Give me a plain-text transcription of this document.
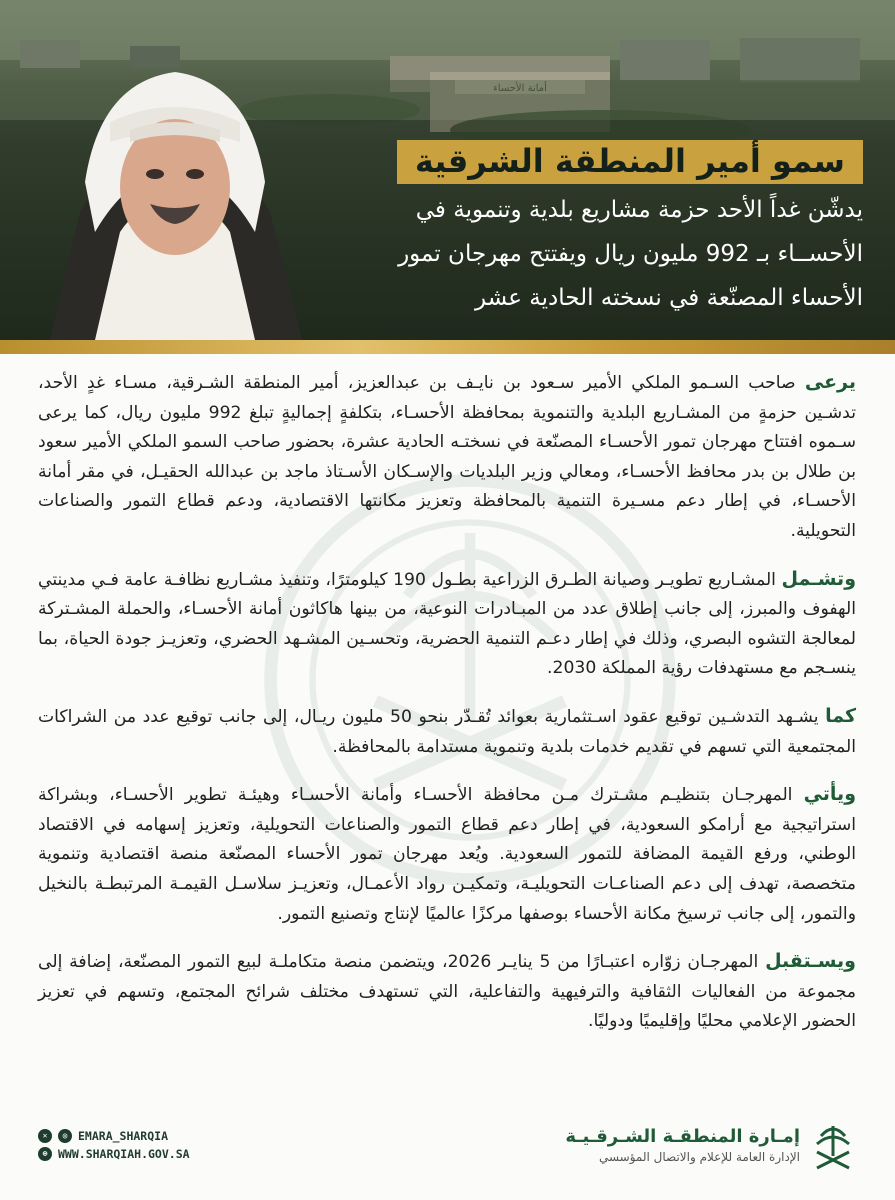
سمو أمير المنطقة الشرقية
يدشّن غداً الأحد حزمة مشاريع بلدية وتنموية في
الأحســاء بـ 992 مليون ريال ويفتتح مهرجان تمور
الأحساء المصنّعة في نسخته الحادية عشر

يرعى صاحب السـمو الملكي الأمير سـعود بن نايـف بن عبدالعزيز، أمير المنطقة الشـرقية، مسـاء غدٍ الأحد، تدشـين حزمةٍ من المشـاريع البلدية والتنموية بمحافظة الأحسـاء، بتكلفةٍ إجماليةٍ تبلغ 992 مليون ريال، كما يرعى سـموه افتتاح مهرجان تمور الأحسـاء المصنّعة في نسختـه الحادية عشرة، بحضور صاحب السمو الملكي الأمير سعود بن طلال بن بدر محافظ الأحسـاء، ومعالي وزير البلديات والإسـكان الأسـتاذ ماجد بن عبدالله الحقيـل، في مقر أمانة الأحسـاء، في إطار دعم مسـيرة التنمية بالمحافظة وتعزيز مكانتها الاقتصادية، ودعم قطاع التمور والصناعات التحويلية.

وتشـمل المشـاريع تطويـر وصيانة الطـرق الزراعية بطـول 190 كيلومترًا، وتنفيذ مشـاريع نظافـة عامة فـي مدينتي الهفوف والمبرز، إلى جانب إطلاق عدد من المبـادرات النوعية، من بينها هاكاثون أمانة الأحسـاء، والحملة المشـتركة لمعالجة التشوه البصري، وذلك في إطار دعـم التنمية الحضرية، وتحسـين المشـهد الحضري، وتعزيـز جودة الحياة، بما ينسـجم مع مستهدفات رؤية المملكة 2030.

كما يشـهد التدشـين توقيع عقود اسـتثمارية بعوائد تُقـدّر بنحو 50 مليون ريـال، إلى جانب توقيع عدد من الشراكات المجتمعية التي تسهم في تقديم خدمات بلدية وتنموية مستدامة بالمحافظة.

ويأتي المهرجـان بتنظيـم مشـترك مـن محافظة الأحسـاء وأمانة الأحسـاء وهيئـة تطوير الأحسـاء، وبشراكة استراتيجية مع أرامكو السعودية، في إطار دعم قطاع التمور والصناعات التحويلية، وتعزيز إسهامه في الاقتصاد الوطني، ورفع القيمة المضافة للتمور السعودية. ويُعد مهرجان تمور الأحساء المصنّعة منصة اقتصادية وتنموية متخصصة، تهدف إلى دعم الصناعـات التحويليـة، وتمكيـن رواد الأعمـال، وتعزيـز سلاسـل القيمـة المرتبطـة بالنخيل والتمور، إلى جانب ترسيخ مكانة الأحساء بوصفها مركزًا عالميًا لإنتاج وتصنيع التمور.

ويسـتقبل المهرجـان زوّاره اعتبـارًا من 5 ينايـر 2026، ويتضمن منصة متكاملـة لبيع التمور المصنّعة، إضافة إلى مجموعة من الفعاليات الثقافية والترفيهية والتفاعلية، التي تستهدف مختلف شرائح المجتمع، وتسهم في تعزيز الحضور الإعلامي محليًا وإقليميًا ودوليًا.

✕	◎ EMARA_SHARQIA
⊕ WWW.SHARQIAH.GOV.SA
إمـارة المنطقـة الشـرقـيـة
الإدارة العامة للإعلام والاتصال المؤسسي
